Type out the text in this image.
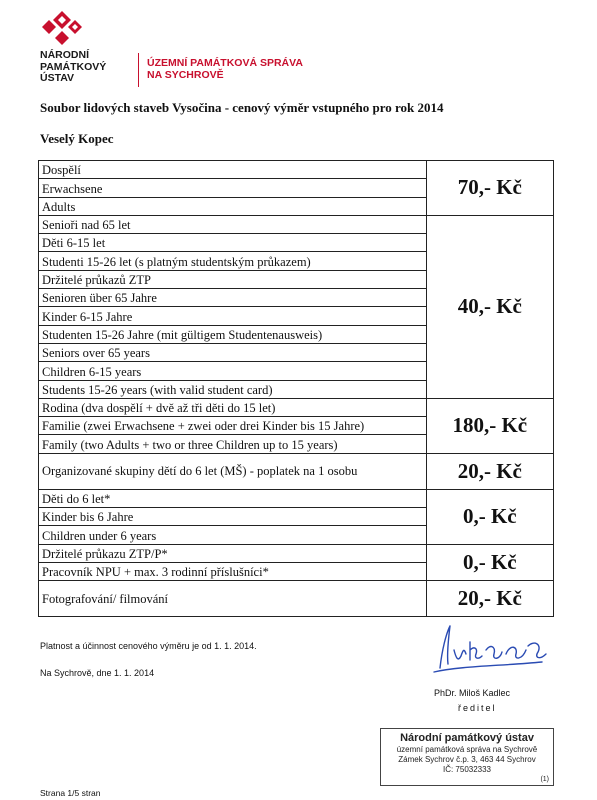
NÁRODNÍ
PAMÁTKOVÝ
ÚSTAV
ÚZEMNÍ PAMÁTKOVÁ SPRÁVA
NA SYCHROVĚ
Soubor lidových staveb Vysočina - cenový výměr vstupného pro rok 2014
Veselý Kopec
Dospělí	70,- Kč
Erwachsene	
Adults	
Senioři nad 65 let	40,- Kč
Děti 6-15 let	
Studenti 15-26 let (s platným studentským průkazem)	
Držitelé průkazů ZTP	
Senioren über 65 Jahre	
Kinder 6-15 Jahre	
Studenten 15-26 Jahre (mit gültigem Studentenausweis)	
Seniors over 65 years	
Children 6-15 years	
Students 15-26 years (with valid student card)	
Rodina (dva dospělí + dvě až tři děti do 15 let)	180,- Kč
Familie (zwei Erwachsene + zwei oder drei Kinder bis 15 Jahre)	
Family (two Adults + two or three Children up to 15 years)	
Organizované skupiny dětí do 6 let (MŠ) - poplatek na 1 osobu	20,- Kč
Děti do 6 let*	0,- Kč
Kinder bis 6 Jahre	
Children under 6 years	
Držitelé průkazu ZTP/P*	0,- Kč
Pracovník NPU + max. 3 rodinní příslušníci*	
Fotografování/ filmování	20,- Kč
Platnost a účinnost cenového výměru je od 1. 1. 2014.
Na Sychrově, dne 1. 1. 2014
PhDr. Miloš Kadlec
ředitel
Národní památkový ústav
územní památková správa na Sychrově
Zámek Sychrov č.p. 3, 463 44 Sychrov
IČ: 75032333
(1)
Strana 1/5 stran
